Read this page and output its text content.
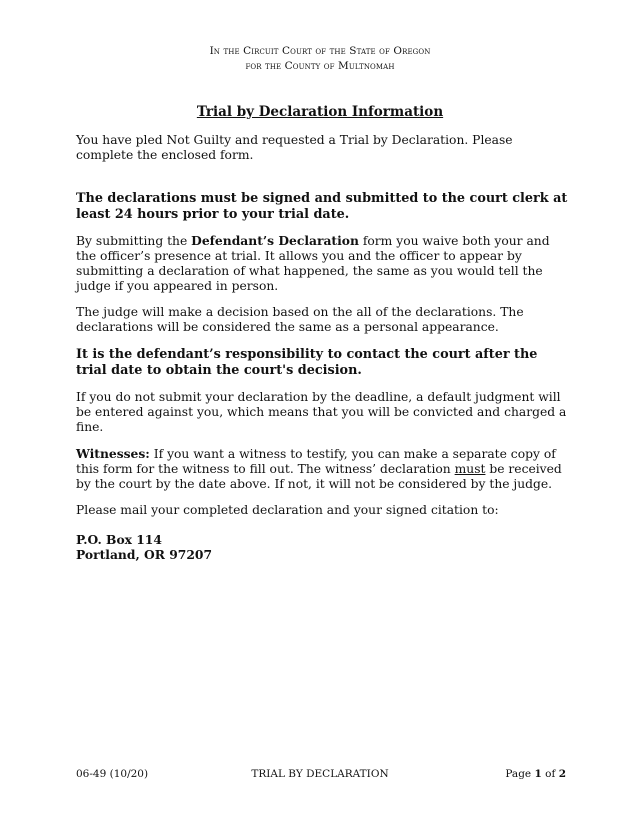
In the Circuit Court of the State of Oregon
for the County of Multnomah
Trial by Declaration Information

You have pled Not Guilty and requested a Trial by Declaration. Please complete the enclosed form.

The declarations must be signed and submitted to the court clerk at least 24 hours prior to your trial date.

By submitting the Defendant’s Declaration form you waive both your and the officer’s presence at trial. It allows you and the officer to appear by submitting a declaration of what happened, the same as you would tell the judge if you appeared in person.

The judge will make a decision based on the all of the declarations. The declarations will be considered the same as a personal appearance.

It is the defendant’s responsibility to contact the court after the trial date to obtain the court's decision.

If you do not submit your declaration by the deadline, a default judgment will be entered against you, which means that you will be convicted and charged a fine.

Witnesses: If you want a witness to testify, you can make a separate copy of this form for the witness to fill out. The witness’ declaration must be received by the court by the date above. If not, it will not be considered by the judge.

Please mail your completed declaration and your signed citation to:

P.O. Box 114
Portland, OR 97207
06-49 (10/20)	TRIAL BY DECLARATION	Page 1 of 2
